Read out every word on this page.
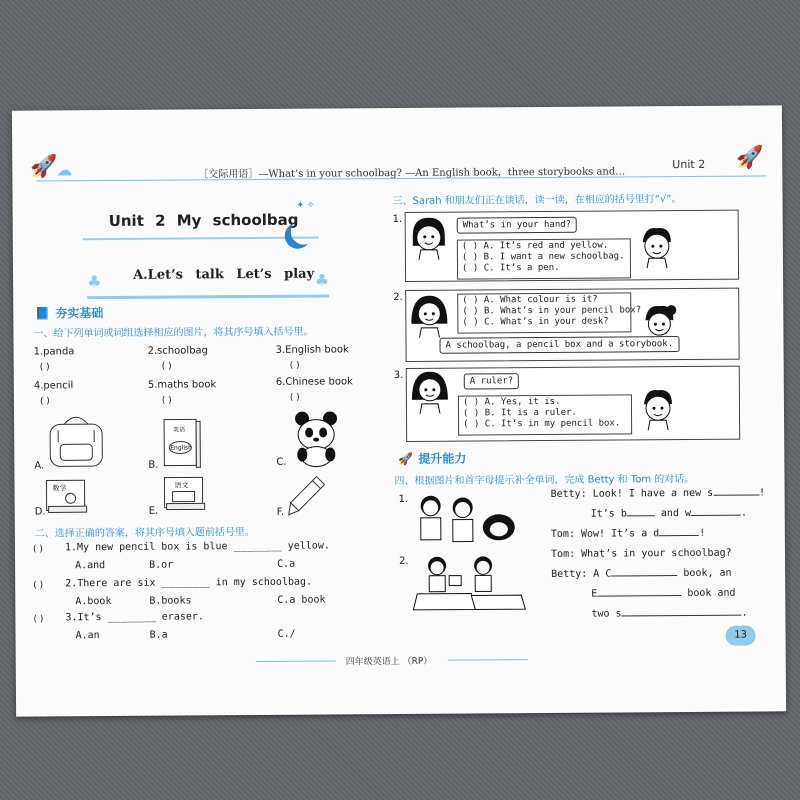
🚀
☁	［交际用语］—What’s in your schoolbag? —An English book，three storybooks and…
Unit 2 🚀
Unit 2 My schoolbag
✦ ✧
A.Let’s talk Let’s play
♣	♣
📘 夯实基础
一、给下列单词或词组选择相应的图片，将其序号填入括号里。
1.panda
( )
2.schoolbag
( )
3.English book
( )
4.pencil
( )
5.maths book
( )
6.Chinese book
( )
A.
英语
English
B.	C.
数学
D.
语文
E.	F.
二、选择正确的答案，将其序号填入题前括号里。
( ) 1.My new pencil box is blue ________ yellow.
A.and	B.or	C.a
( ) 2.There are six ________ in my schoolbag.
A.book	B.books	C.a book
( ) 3.It’s ________ eraser.
A.an	B.a	C./
三、Sarah 和朋友们正在谈话，读一读，在相应的括号里打“√”。
1.
What’s in your hand?
( ) A. It’s red and yellow.
( ) B. I want a new schoolbag.
( ) C. It’s a pen.
2.	( ) A. What colour is it?
( ) B. What’s in your pencil box?
( ) C. What’s in your desk?
A schoolbag, a pencil box and a storybook.
3.
A ruler?
( ) A. Yes, it is.
( ) B. It is a ruler.
( ) C. It’s in my pencil box.
🚀 提升能力
四、根据图片和首字母提示补全单词，完成 Betty 和 Tom 的对话。
1.	Betty: Look! I have a new s	!
It’s b	and w	.
Tom: Wow! It’s a d	!
2.
Tom: What’s in your schoolbag?
Betty: A C	book, an
E	book and
two s	.
13
四年级英语上 （RP）
